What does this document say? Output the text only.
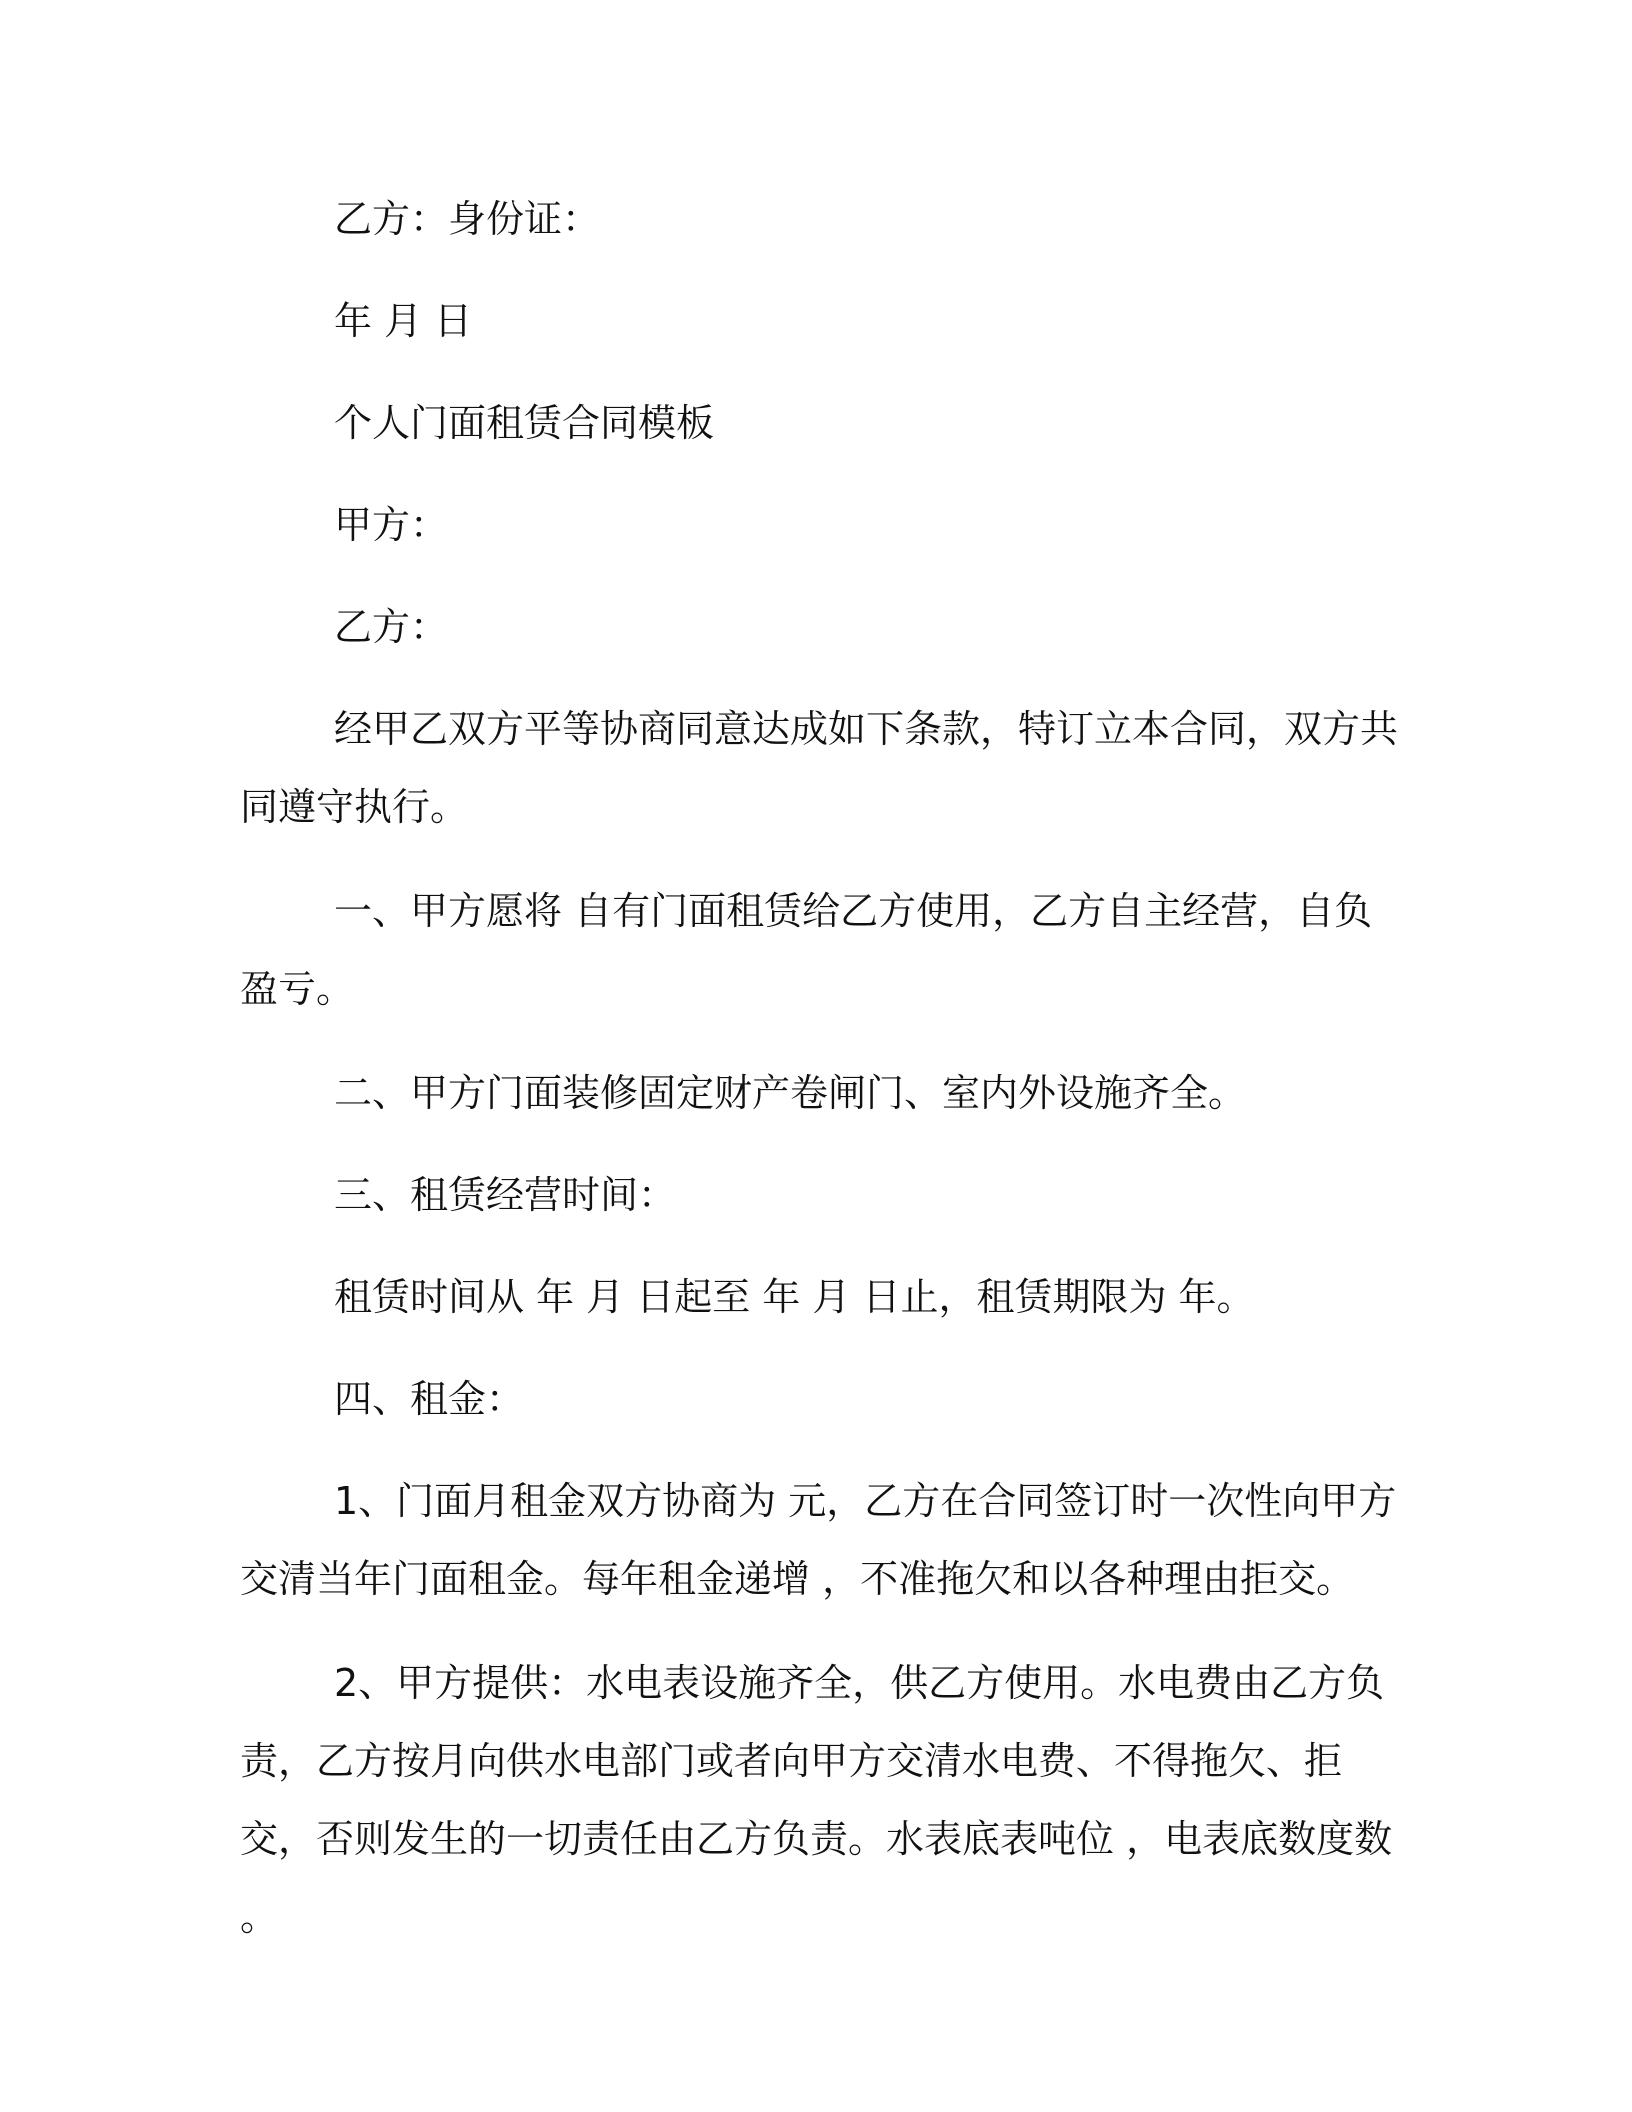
乙方：身份证：

年 月 日

个人门面租赁合同模板

甲方：

乙方：

经甲乙双方平等协商同意达成如下条款，特订立本合同，双方共同遵守执行。

一、甲方愿将 自有门面租赁给乙方使用，乙方自主经营，自负盈亏。

二、甲方门面装修固定财产卷闸门、室内外设施齐全。

三、租赁经营时间：

租赁时间从 年 月 日起至 年 月 日止，租赁期限为 年。

四、租金：

1、门面月租金双方协商为 元，乙方在合同签订时一次性向甲方交清当年门面租金。每年租金递增 ，不准拖欠和以各种理由拒交。

2、甲方提供：水电表设施齐全，供乙方使用。水电费由乙方负责，乙方按月向供水电部门或者向甲方交清水电费、不得拖欠、拒交，否则发生的一切责任由乙方负责。水表底表吨位 ，电表底数度数 。
